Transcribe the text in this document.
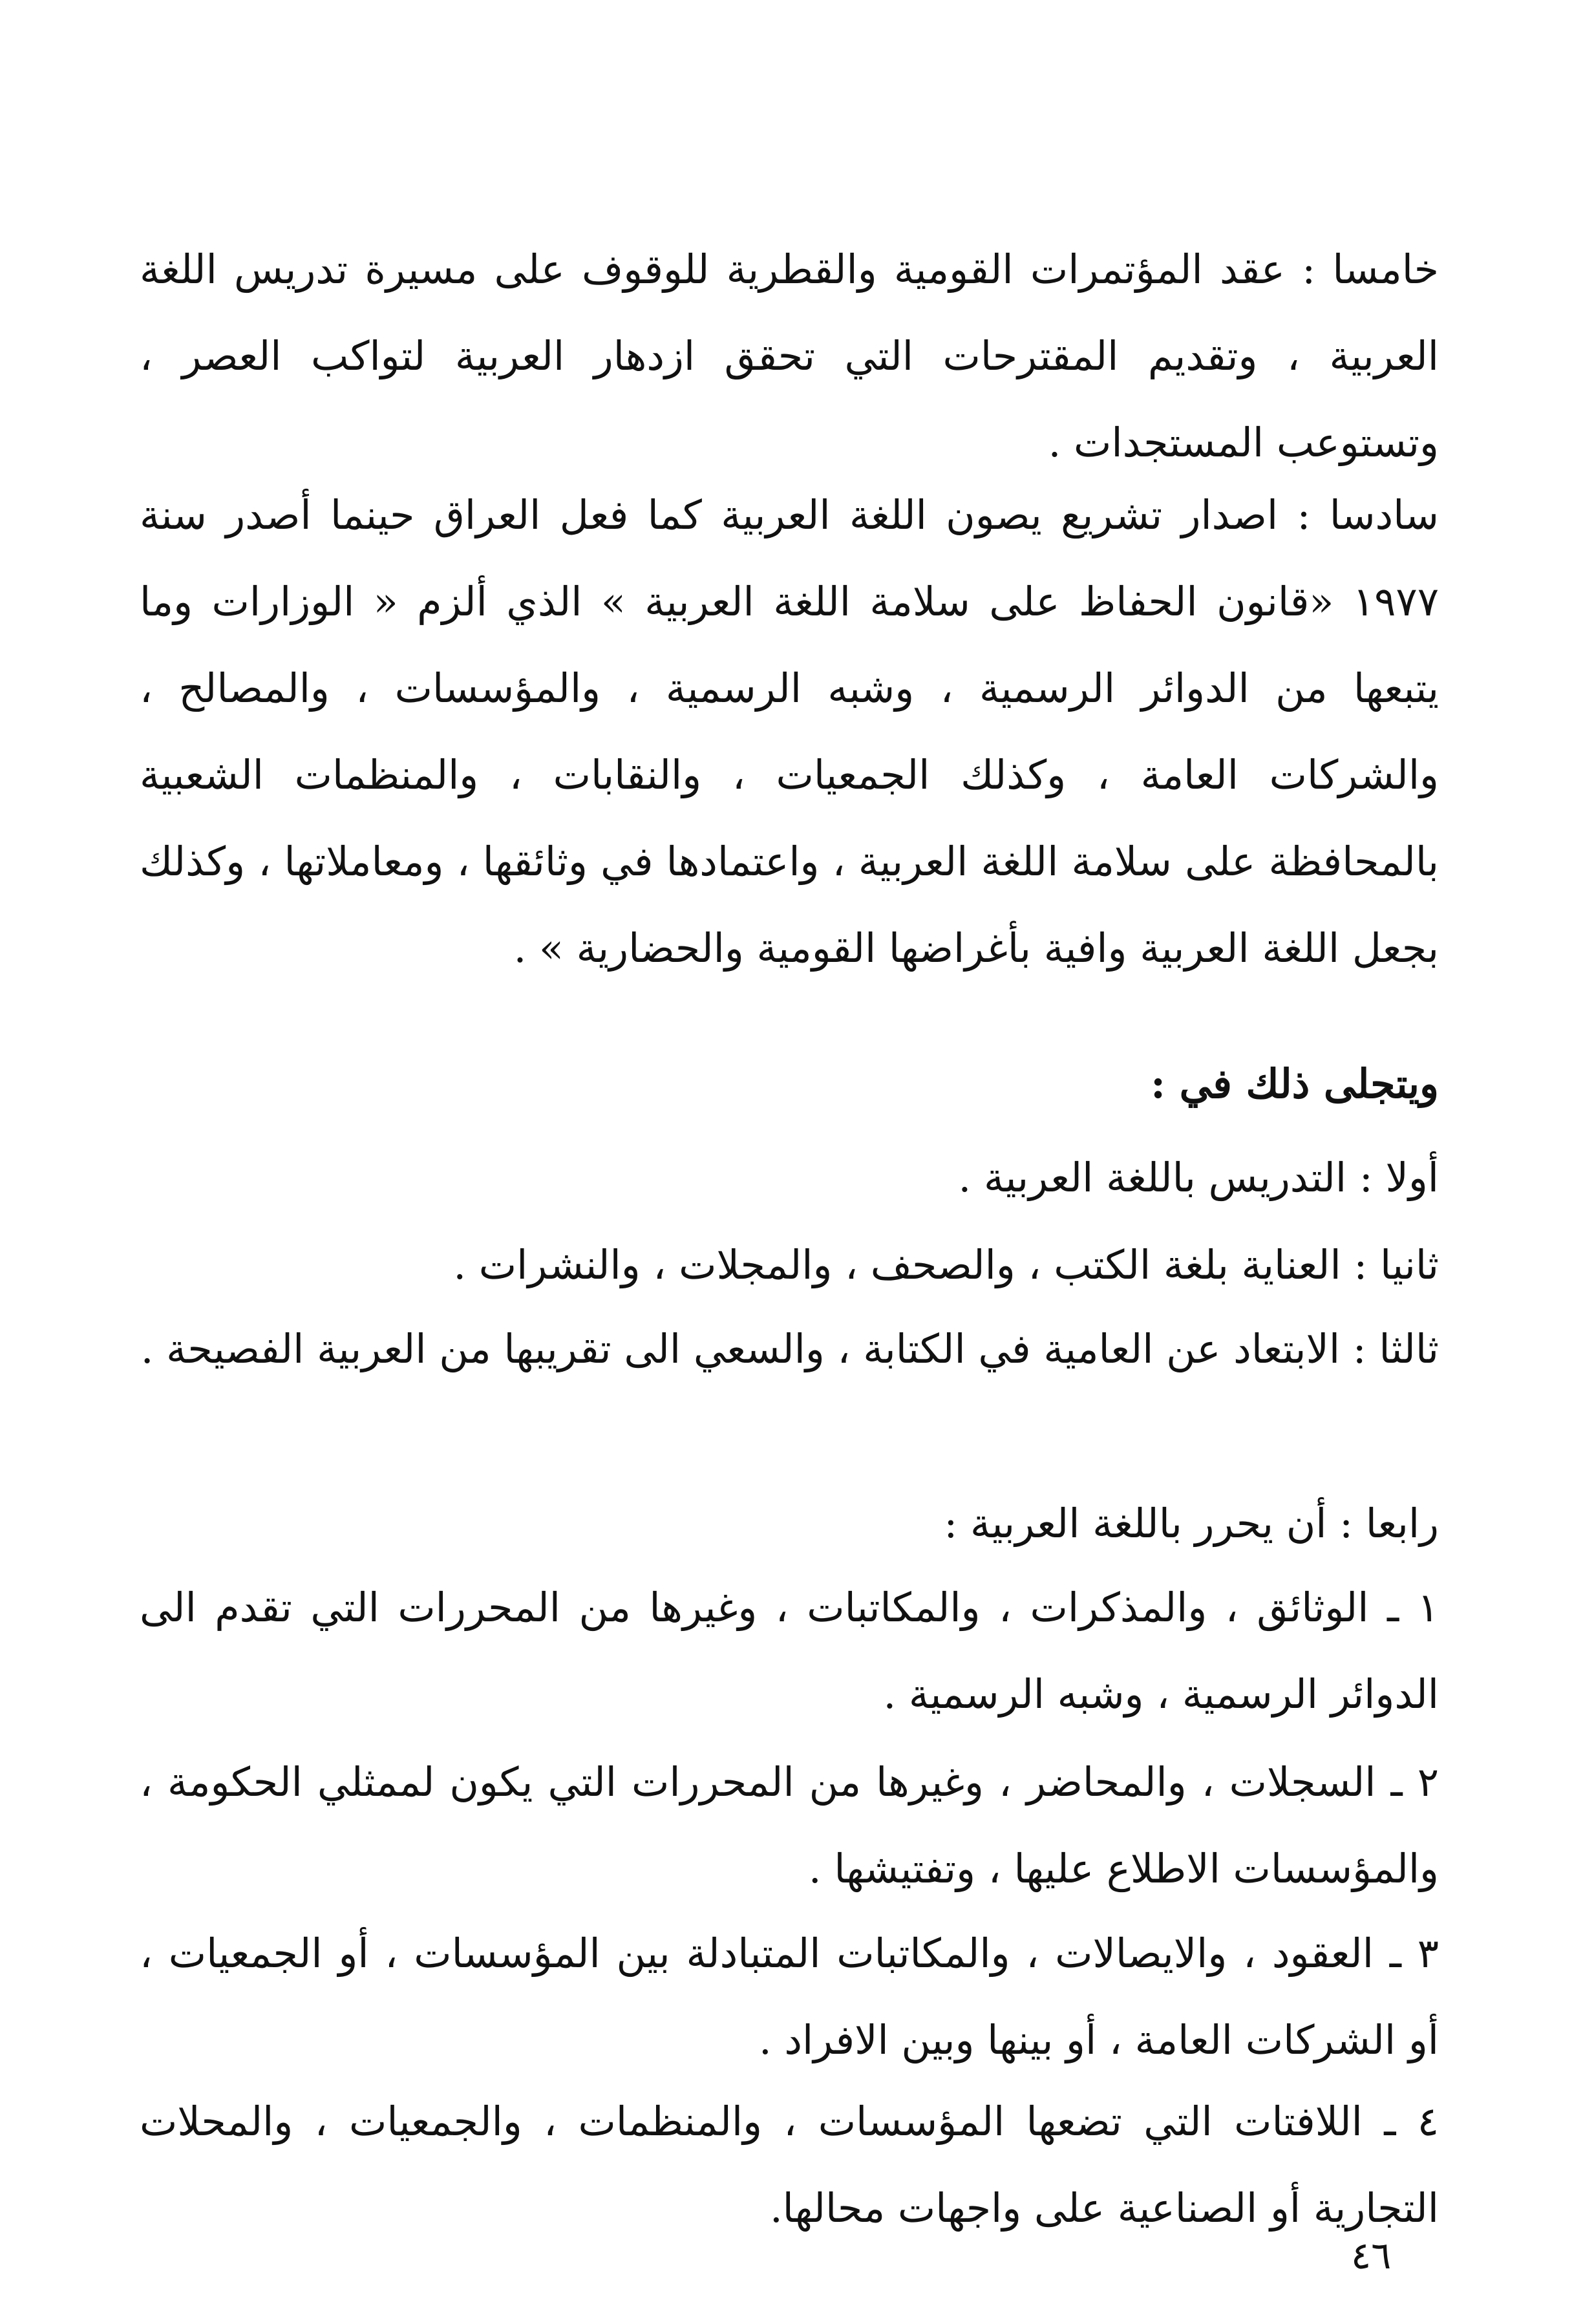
خامسا : عقد المؤتمرات القومية والقطرية للوقوف على مسيرة تدريس اللغة العربية ، وتقديم المقترحات التي تحقق ازدهار العربية لتواكب العصر ، وتستوعب المستجدات .
سادسا : اصدار تشريع يصون اللغة العربية كما فعل العراق حينما أصدر سنة ١٩٧٧ «قانون الحفاظ على سلامة اللغة العربية » الذي ألزم « الوزارات وما يتبعها من الدوائر الرسمية ، وشبه الرسمية ، والمؤسسات ، والمصالح ، والشركات العامة ، وكذلك الجمعيات ، والنقابات ، والمنظمات الشعبية بالمحافظة على سلامة اللغة العربية ، واعتمادها في وثائقها ، ومعاملاتها ، وكذلك بجعل اللغة العربية وافية بأغراضها القومية والحضارية » .
ويتجلى ذلك في :
أولا : التدريس باللغة العربية .
ثانيا : العناية بلغة الكتب ، والصحف ، والمجلات ، والنشرات .
ثالثا : الابتعاد عن العامية في الكتابة ، والسعي الى تقريبها من العربية الفصيحة .
رابعا : أن يحرر باللغة العربية :
١ ـ الوثائق ، والمذكرات ، والمكاتبات ، وغيرها من المحررات التي تقدم الى الدوائر الرسمية ، وشبه الرسمية .
٢ ـ السجلات ، والمحاضر ، وغيرها من المحررات التي يكون لممثلي الحكومة ، والمؤسسات الاطلاع عليها ، وتفتيشها .
٣ ـ العقود ، والايصالات ، والمكاتبات المتبادلة بين المؤسسات ، أو الجمعيات ، أو الشركات العامة ، أو بينها وبين الافراد .
٤ ـ اللافتات التي تضعها المؤسسات ، والمنظمات ، والجمعيات ، والمحلات التجارية أو الصناعية على واجهات محالها.
٤٦
